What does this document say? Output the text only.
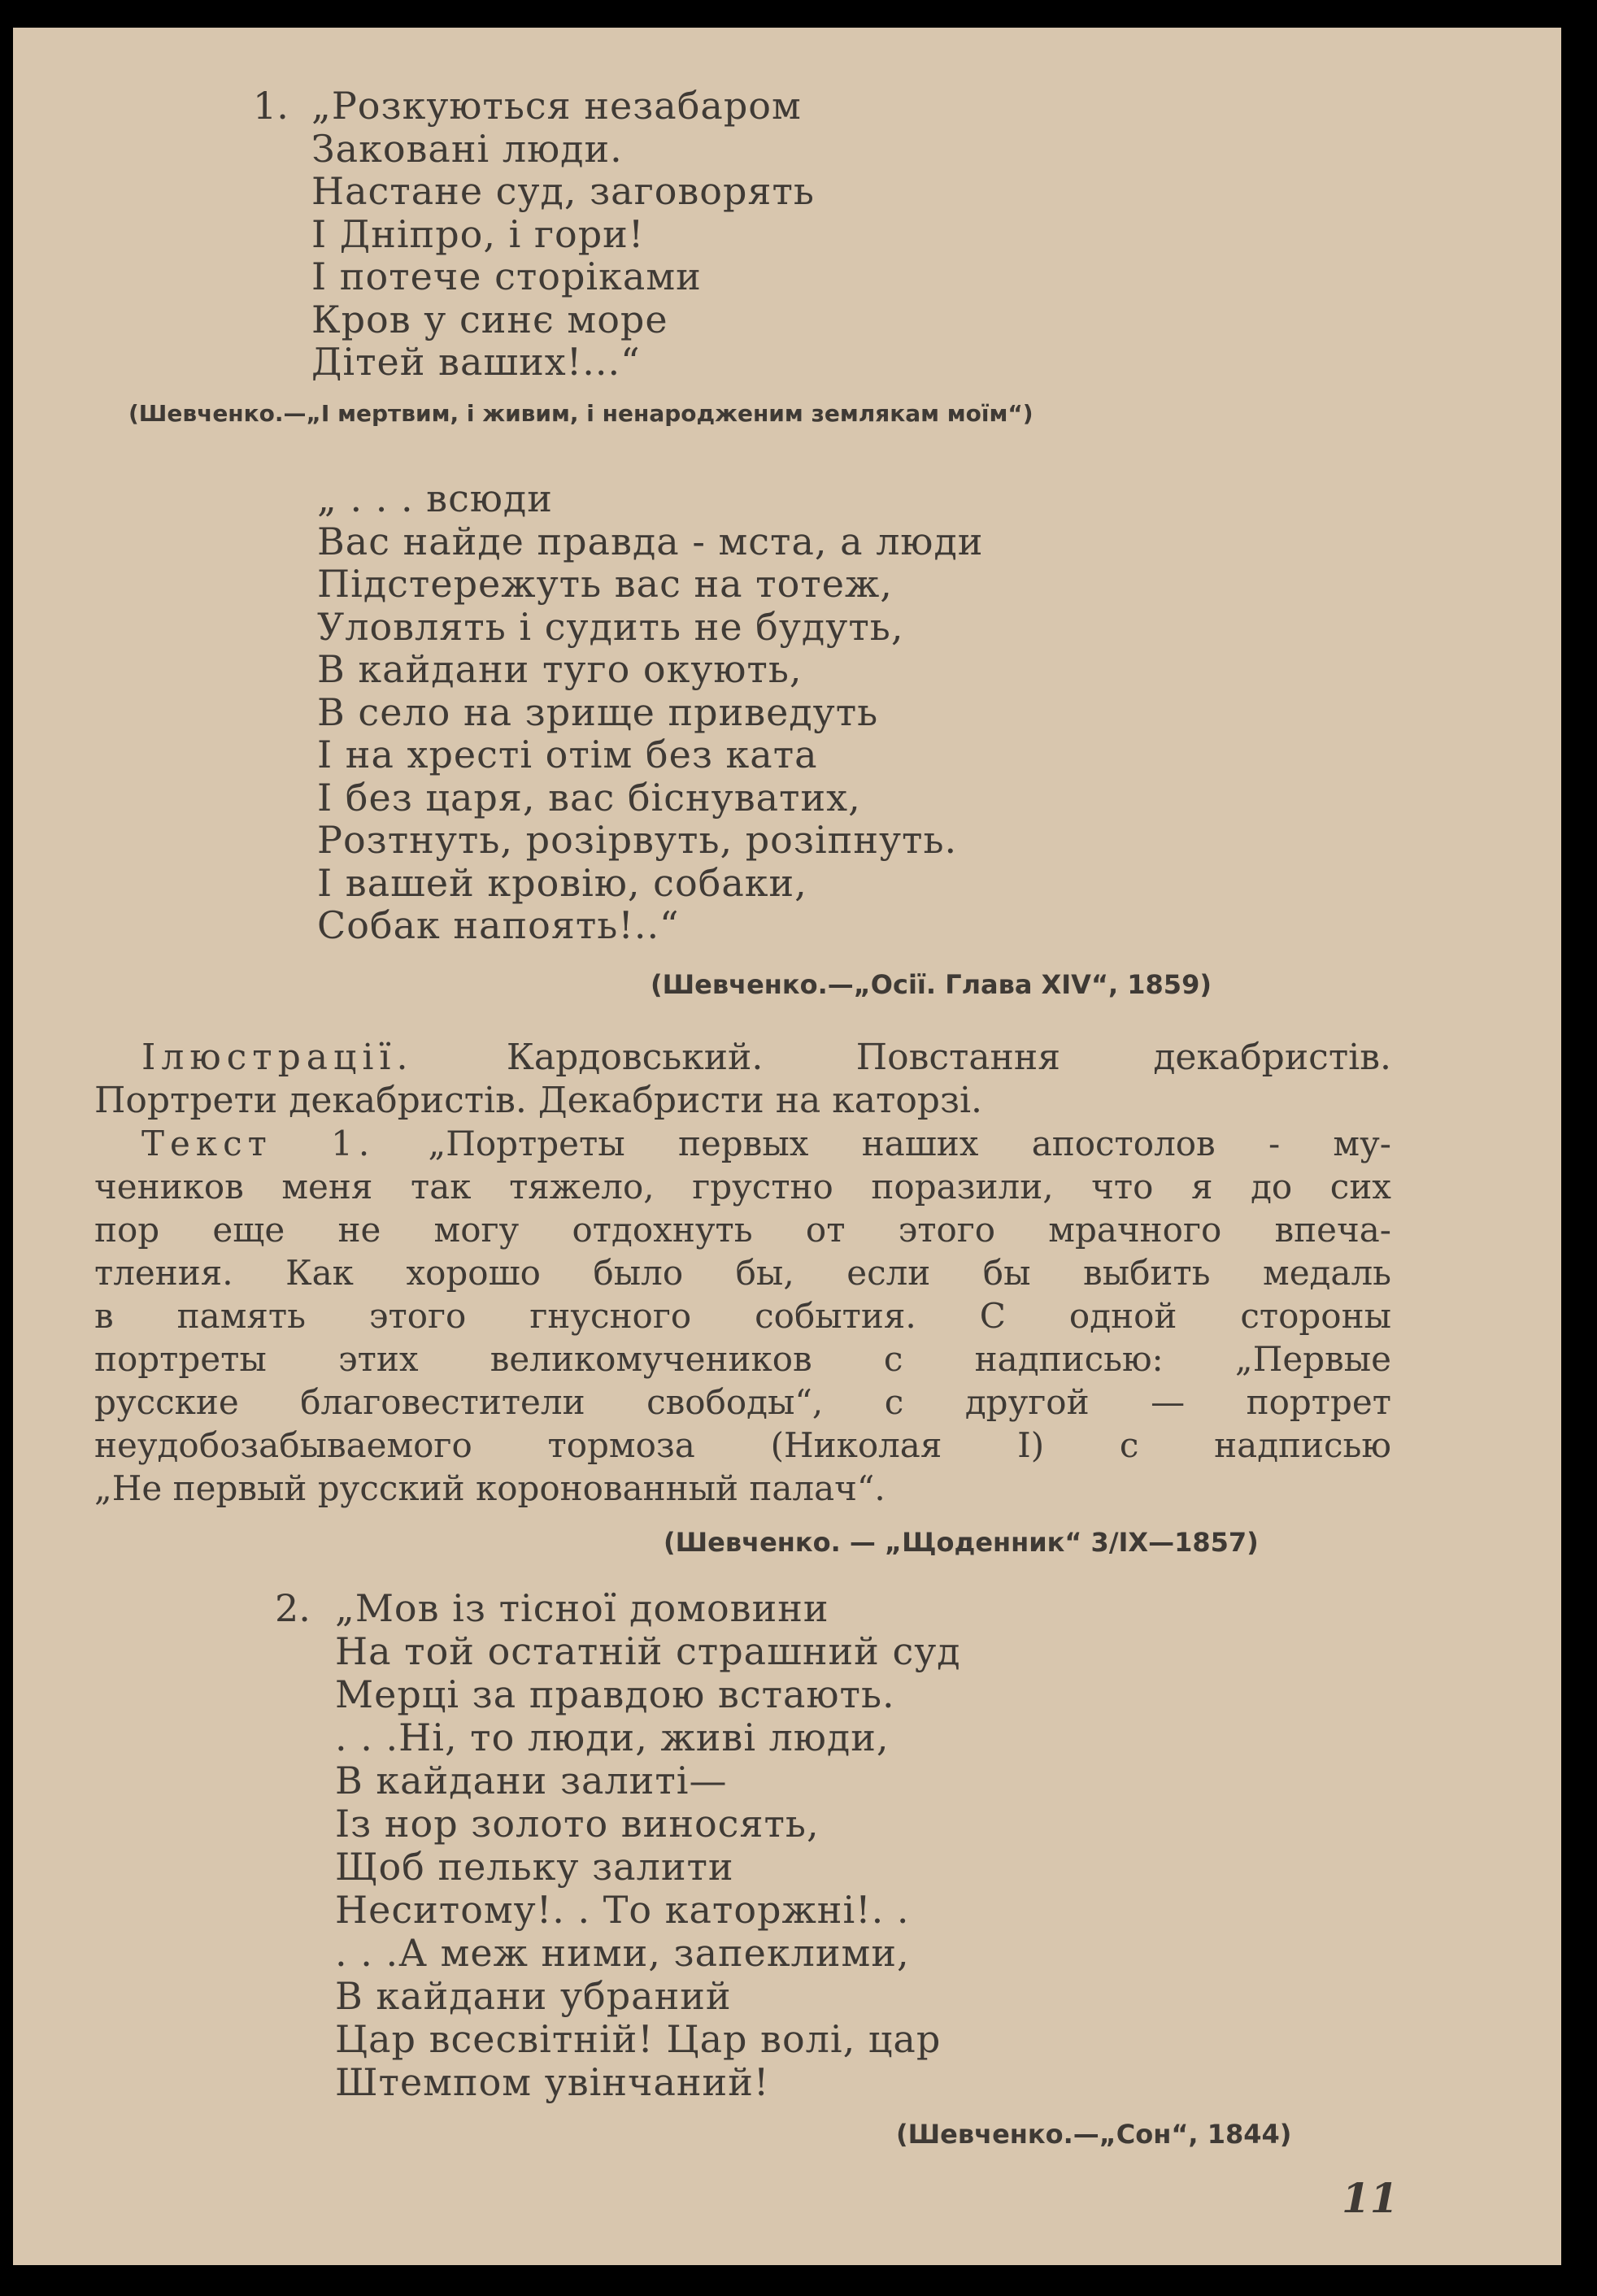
1. „Розкуються незабаром
Заковані люди.
Настане суд, заговорять
І Дніпро, і гори!
І потече сторіками
Кров у синє море
Дітей ваших!...“
(Шевченко.—„І мертвим, і живим, і ненародженим землякам моїм“)
„ . . . всюди
Вас найде правда - мста, а люди
Підстережуть вас на тотеж,
Уловлять і судить не будуть,
В кайдани туго окують,
В село на зрище приведуть
І на хресті отім без ката
І без царя, вас біснуватих,
Розтнуть, розірвуть, розіпнуть.
І вашей кровію, собаки,
Собак напоять!..“
(Шевченко.—„Осії. Глава XIV“, 1859)
Ілюстрації.	Кардовський. Повстання декабристів.
Портрети декабристів. Декабристи на каторзі.
Текст 1. „Портреты первых наших апостолов - му-
чеников меня так тяжело, грустно поразили, что я до сих
пор еще не могу отдохнуть от этого мрачного впеча-
тления. Как хорошо было бы, если бы выбить медаль
в память этого гнусного события. С одной стороны
портреты этих великомучеников с надписью: „Первые
русские благовестители свободы“, с другой — портрет
неудобозабываемого тормоза (Николая I) с надписью
„Не первый русский коронованный палач“.
(Шевченко. — „Щоденник“ 3/IX—1857)
2. „Мов із тісної домовини
На той остатній страшний суд
Мерці за правдою встають.
. . .Ні, то люди, живі люди,
В кайдани залиті—
Із нор золото виносять,
Щоб пельку залити
Неситому!. . То каторжні!. .
. . .А меж ними, запеклими,
В кайдани убраний
Цар всесвітній! Цар волі, цар
Штемпом увінчаний!
(Шевченко.—„Сон“, 1844)
11
